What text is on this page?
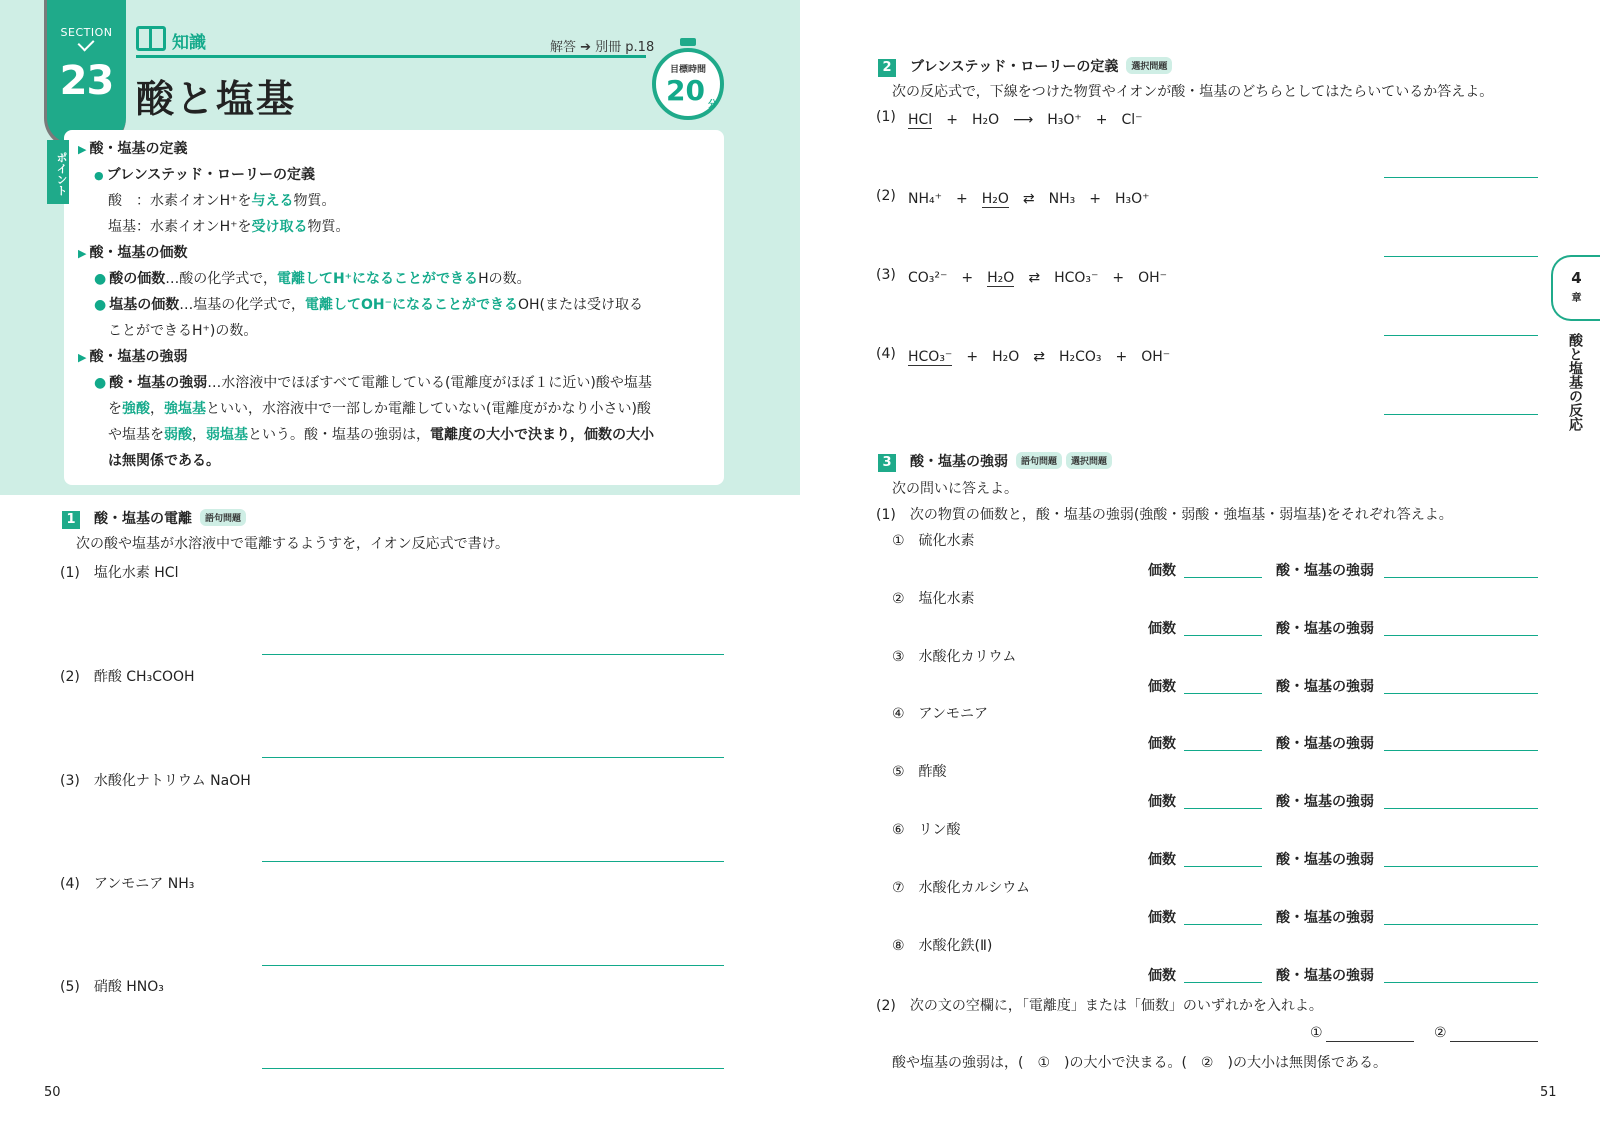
SECTION
23
知識	解答 ➔ 別冊 p.18
酸と塩基
目標時間
20 分
▶ 酸・塩基の定義
● ブレンステッド・ローリーの定義
酸　：水素イオンH⁺を与える物質。
塩基：水素イオンH⁺を受け取る物質。
▶ 酸・塩基の価数
● 酸の価数…酸の化学式で，電離してH⁺になることができるHの数。
● 塩基の価数…塩基の化学式で，電離してOH⁻になることができるOH(または受け取る
ことができるH⁺)の数。
▶ 酸・塩基の強弱
● 酸・塩基の強弱…水溶液中でほぼすべて電離している(電離度がほぼ１に近い)酸や塩基
を強酸，強塩基といい，水溶液中で一部しか電離していない(電離度がかなり小さい)酸
や塩基を弱酸，弱塩基という。酸・塩基の強弱は，電離度の大小で決まり，価数の大小
は無関係である。
ポイント
1 酸・塩基の電離 語句問題
次の酸や塩基が水溶液中で電離するようすを，イオン反応式で書け。
(1)　塩化水素 HCl
(2)　酢酸 CH₃COOH
(3)　水酸化ナトリウム NaOH
(4)　アンモニア NH₃
(5)　硝酸 HNO₃
50
2 ブレンステッド・ローリーの定義 選択問題
次の反応式で，下線をつけた物質やイオンが酸・塩基のどちらとしてはたらいているか答えよ。
(1) HCl　 +　 H₂O　 ⟶　 H₃O⁺　 +　 Cl⁻
(2) NH₄⁺　 +　 H₂O　 ⇄　 NH₃　 +　 H₃O⁺
(3) CO₃²⁻　 +　 H₂O　 ⇄　 HCO₃⁻　 +　 OH⁻
(4) HCO₃⁻　 +　 H₂O　 ⇄　 H₂CO₃　 +　 OH⁻
3 酸・塩基の強弱 語句問題 選択問題
次の問いに答えよ。
(1)　次の物質の価数と，酸・塩基の強弱(強酸・弱酸・強塩基・弱塩基)をそれぞれ答えよ。
①　硫化水素
価数	酸・塩基の強弱
②　塩化水素
価数	酸・塩基の強弱
③　水酸化カリウム
価数	酸・塩基の強弱
④　アンモニア
価数	酸・塩基の強弱
⑤　酢酸
価数	酸・塩基の強弱
⑥　リン酸
価数	酸・塩基の強弱
⑦　水酸化カルシウム
価数	酸・塩基の強弱
⑧　水酸化鉄(Ⅱ)
価数	酸・塩基の強弱
(2)　次の文の空欄に，「電離度」または「価数」のいずれかを入れよ。
①	②
酸や塩基の強弱は，(　①　)の大小で決まる。(　②　)の大小は無関係である。
51
4
章
酸と塩基の反応
